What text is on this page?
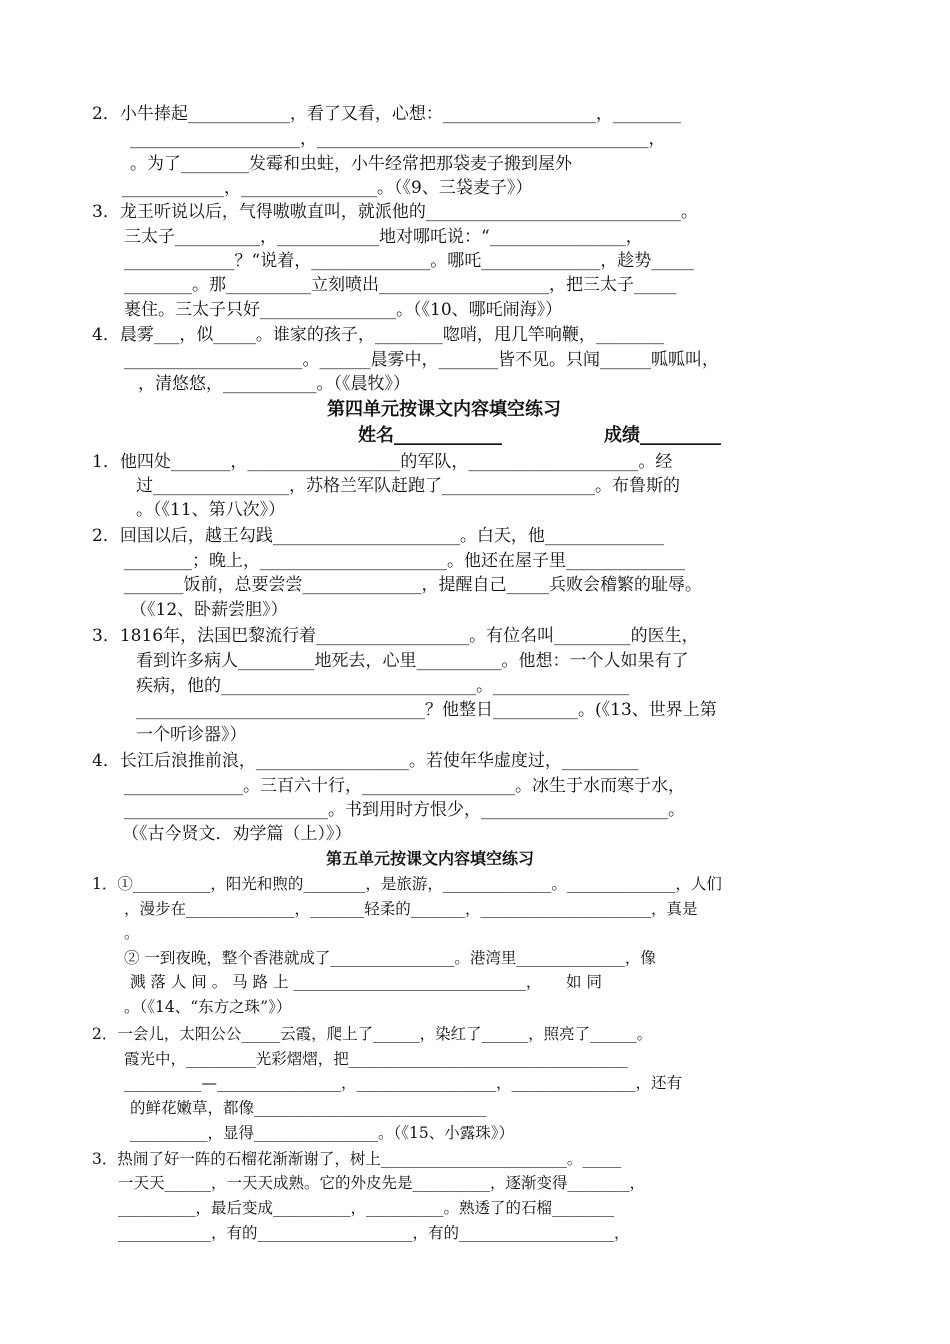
2．小牛捧起____________，看了又看，心想：__________________，________
____________________，_______________________________________，
。为了________发霉和虫蛀，小牛经常把那袋麦子搬到屋外
____________，________________。（《9、三袋麦子》）
3．龙王听说以后，气得嗷嗷直叫，就派他的______________________________。
三太子__________，____________地对哪吒说：“________________，
_____________？“说着，______________。哪吒______________，趁势_____
________。那__________立刻喷出____________________，把三太子_____
裹住。三太子只好________________。（《10、哪吒闹海》）
4．晨雾___，似_____。谁家的孩子，________唿哨，甩几竿响鞭，________
_____________________。______晨雾中，_______皆不见。只闻______呱呱叫，
，清悠悠，___________。（《晨牧》）
第四单元按课文内容填空练习
姓名____________	成绩_________
1．他四处_______，__________________的军队，____________________。经
过________________，苏格兰军队赶跑了__________________。布鲁斯的
。（《11、第八次》）
2．回国以后，越王勾践______________________。白天，他______________
________；晚上，______________________。他还在屋子里______________
_______饭前，总要尝尝______________，提醒自己_____兵败会稽繁的耻辱。
（《12、卧薪尝胆》）
3．1816年，法国巴黎流行着__________________。有位名叫_________的医生，
看到许多病人_________地死去，心里__________。他想：一个人如果有了
疾病，他的______________________________。________________
__________________________________？他整日__________。(《13、世界上第
一个听诊器》）
4．长江后浪推前浪，__________________。若使年华虚度过，_________
______________。三百六十行，__________________。冰生于水而寒于水，
________________________。书到用时方恨少，______________________。
（《古今贤文．劝学篇（上）》）
第五单元按课文内容填空练习
1．①__________，阳光和煦的________，是旅游，______________。______________，人们
，漫步在______________，_______轻柔的_______，______________________，真是
。
② 一到夜晚，整个香港就成了________________。港湾里______________，像
溅 落 人 间 。 马 路 上 ______________________________，     如 同
。（《14、“东方之珠”》）
2．一会儿，太阳公公_____云霞，爬上了______，染红了______，照亮了______。
霞光中，_________光彩熠熠，把____________________________________
__________—________________，__________________，________________，还有
的鲜花嫩草，都像______________________________
__________，显得________________。（《15、小露珠》）
3．热闹了好一阵的石榴花渐渐谢了，树上________________________。_____
一天天______，一天天成熟。它的外皮先是__________，逐渐变得________，
__________，最后变成__________，__________。熟透了的石榴________
____________，有的____________________，有的____________________，
